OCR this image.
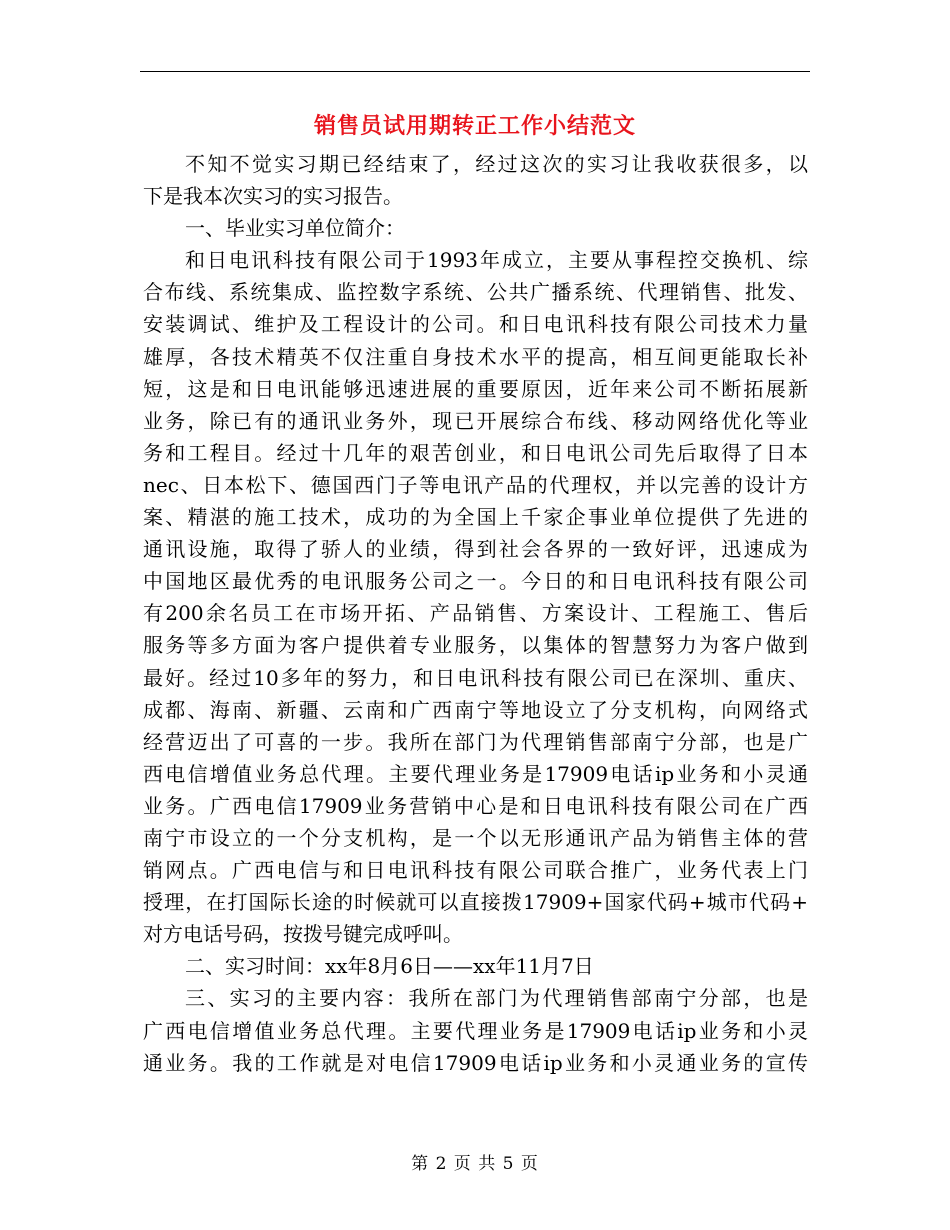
销售员试用期转正工作小结范文
不知不觉实习期已经结束了，经过这次的实习让我收获很多，以
下是我本次实习的实习报告。
一、毕业实习单位简介：
和日电讯科技有限公司于1993年成立，主要从事程控交换机、综
合布线、系统集成、监控数字系统、公共广播系统、代理销售、批发、
安装调试、维护及工程设计的公司。和日电讯科技有限公司技术力量
雄厚，各技术精英不仅注重自身技术水平的提高，相互间更能取长补
短，这是和日电讯能够迅速进展的重要原因，近年来公司不断拓展新
业务，除已有的通讯业务外，现已开展综合布线、移动网络优化等业
务和工程目。经过十几年的艰苦创业，和日电讯公司先后取得了日本
nec、日本松下、德国西门子等电讯产品的代理权，并以完善的设计方
案、精湛的施工技术，成功的为全国上千家企事业单位提供了先进的
通讯设施，取得了骄人的业绩，得到社会各界的一致好评，迅速成为
中国地区最优秀的电讯服务公司之一。今日的和日电讯科技有限公司
有200余名员工在市场开拓、产品销售、方案设计、工程施工、售后
服务等多方面为客户提供着专业服务，以集体的智慧努力为客户做到
最好。经过10多年的努力，和日电讯科技有限公司已在深圳、重庆、
成都、海南、新疆、云南和广西南宁等地设立了分支机构，向网络式
经营迈出了可喜的一步。我所在部门为代理销售部南宁分部，也是广
西电信增值业务总代理。主要代理业务是17909电话ip业务和小灵通
业务。广西电信17909业务营销中心是和日电讯科技有限公司在广西
南宁市设立的一个分支机构，是一个以无形通讯产品为销售主体的营
销网点。广西电信与和日电讯科技有限公司联合推广，业务代表上门
授理，在打国际长途的时候就可以直接拨17909+国家代码+城市代码+
对方电话号码，按拨号键完成呼叫。
二、实习时间：xx年8月6日——xx年11月7日
三、实习的主要内容：我所在部门为代理销售部南宁分部，也是
广西电信增值业务总代理。主要代理业务是17909电话ip业务和小灵
通业务。我的工作就是对电信17909电话ip业务和小灵通业务的宣传
第 2 页 共 5 页
